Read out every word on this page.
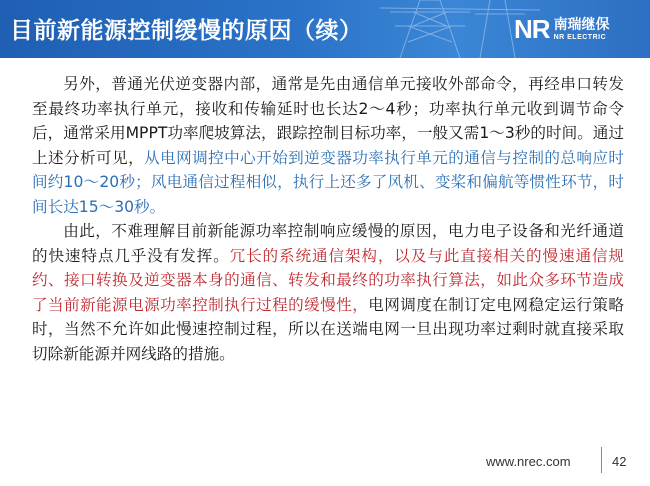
目前新能源控制缓慢的原因（续）	NR 南瑞继保
NR ELECTRIC

另外，普通光伏逆变器内部，通常是先由通信单元接收外部命令，再经串口转发至最终功率执行单元，接收和传输延时也长达2～4秒；功率执行单元收到调节命令后，通常采用MPPT功率爬坡算法，跟踪控制目标功率，一般又需1～3秒的时间。通过上述分析可见，从电网调控中心开始到逆变器功率执行单元的通信与控制的总响应时间约10～20秒；风电通信过程相似，执行上还多了风机、变桨和偏航等惯性环节，时间长达15～30秒。

由此，不难理解目前新能源功率控制响应缓慢的原因，电力电子设备和光纤通道的快速特点几乎没有发挥。冗长的系统通信架构，以及与此直接相关的慢速通信规约、接口转换及逆变器本身的通信、转发和最终的功率执行算法，如此众多环节造成了当前新能源电源功率控制执行过程的缓慢性，电网调度在制订定电网稳定运行策略时，当然不允许如此慢速控制过程，所以在送端电网一旦出现功率过剩时就直接采取切除新能源并网线路的措施。

www.nrec.com	42
